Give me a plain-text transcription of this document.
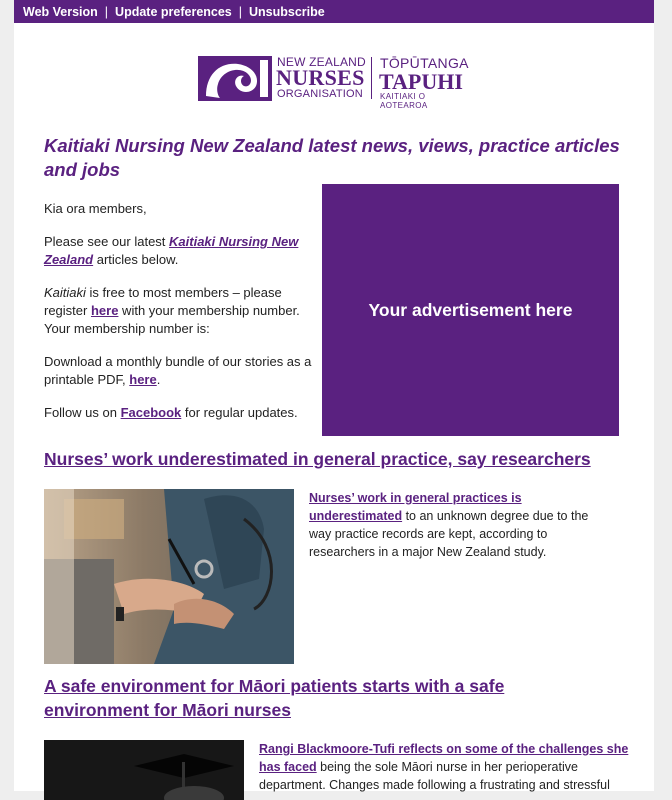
Web Version | Update preferences | Unsubscribe
NEW ZEALAND
NURSES
ORGANISATION
TŌPŪTANGA
TAPUHI
KAITIAKI O AOTEAROA
Kaitiaki Nursing New Zealand latest news, views, practice articles and jobs

Kia ora members,

Please see our latest Kaitiaki Nursing New Zealand articles below.

Kaitiaki is free to most members – please register here with your membership number. Your membership number is:

Download a monthly bundle of our stories as a printable PDF, here.

Follow us on Facebook for regular updates.

Your advertisement here
Nurses’ work underestimated in general practice, say researchers
Nurses’ work in general practices is underestimated to an unknown degree due to the way practice records are kept, according to researchers in a major New Zealand study.
A safe environment for Māori patients starts with a safe environment for Māori nurses
Rangi Blackmoore-Tufi reflects on some of the challenges she has faced being the sole Māori nurse in her perioperative department. Changes made following a frustrating and stressful
